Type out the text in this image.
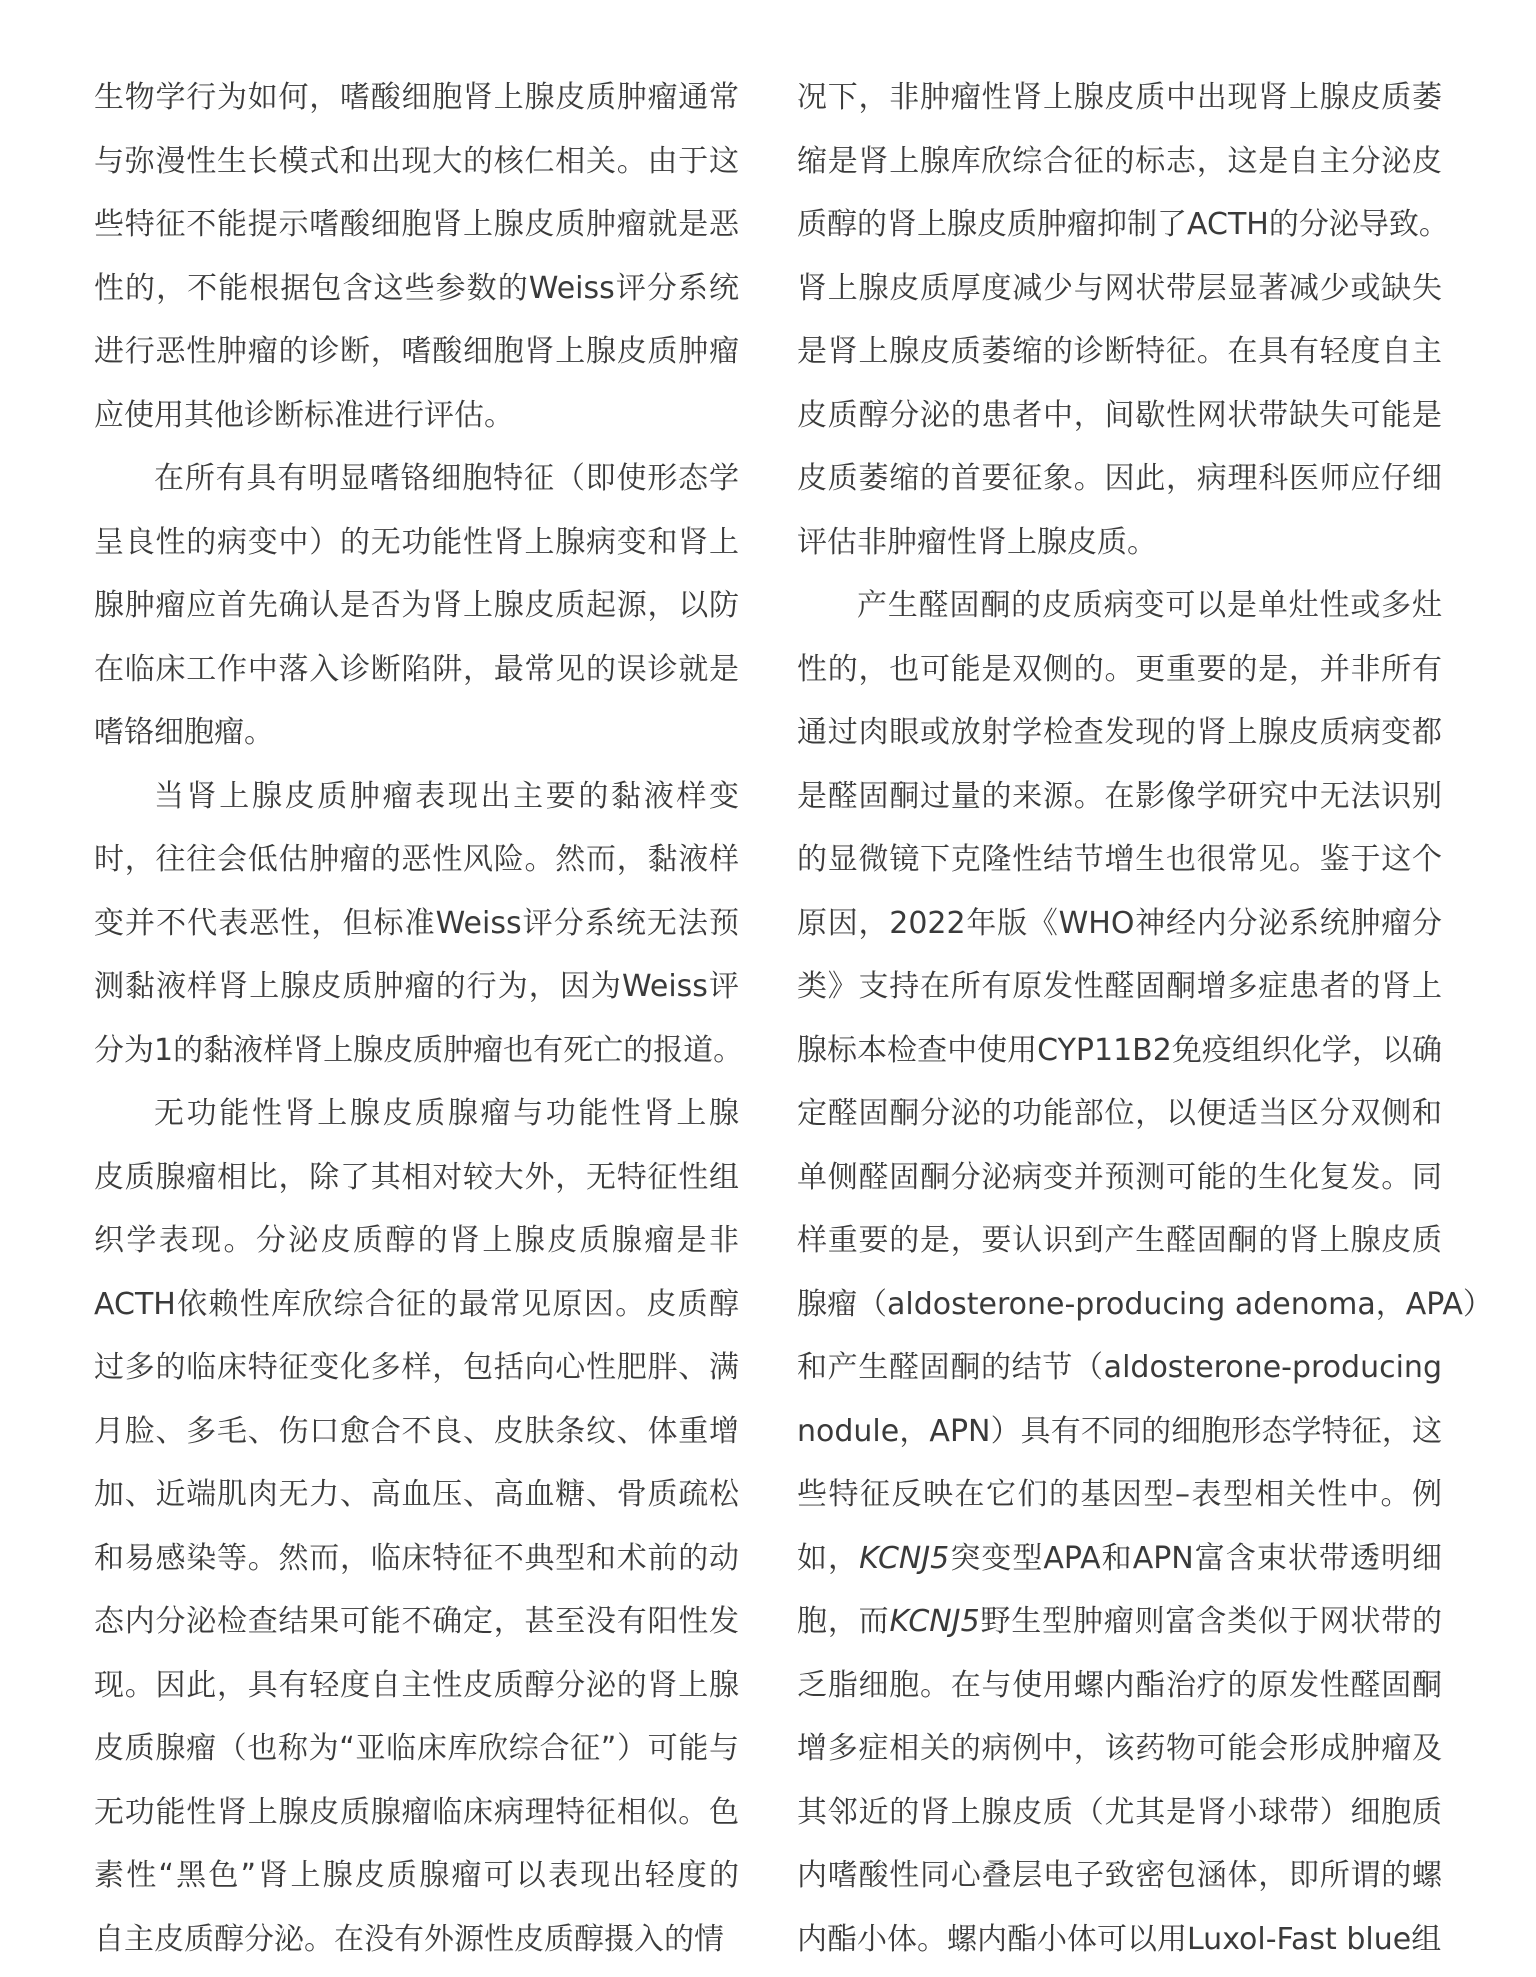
生物学行为如何，嗜酸细胞肾上腺皮质肿瘤通常
与弥漫性生长模式和出现大的核仁相关。由于这
些特征不能提示嗜酸细胞肾上腺皮质肿瘤就是恶
性的，不能根据包含这些参数的Weiss评分系统
进行恶性肿瘤的诊断，嗜酸细胞肾上腺皮质肿瘤
应使用其他诊断标准进行评估。
在所有具有明显嗜铬细胞特征（即使形态学
呈良性的病变中）的无功能性肾上腺病变和肾上
腺肿瘤应首先确认是否为肾上腺皮质起源，以防
在临床工作中落入诊断陷阱，最常见的误诊就是
嗜铬细胞瘤。
当肾上腺皮质肿瘤表现出主要的黏液样变
时，往往会低估肿瘤的恶性风险。然而，黏液样
变并不代表恶性，但标准Weiss评分系统无法预
测黏液样肾上腺皮质肿瘤的行为，因为Weiss评
分为1的黏液样肾上腺皮质肿瘤也有死亡的报道。
无功能性肾上腺皮质腺瘤与功能性肾上腺
皮质腺瘤相比，除了其相对较大外，无特征性组
织学表现。分泌皮质醇的肾上腺皮质腺瘤是非
ACTH依赖性库欣综合征的最常见原因。皮质醇
过多的临床特征变化多样，包括向心性肥胖、满
月脸、多毛、伤口愈合不良、皮肤条纹、体重增
加、近端肌肉无力、高血压、高血糖、骨质疏松
和易感染等。然而，临床特征不典型和术前的动
态内分泌检查结果可能不确定，甚至没有阳性发
现。因此，具有轻度自主性皮质醇分泌的肾上腺
皮质腺瘤（也称为“亚临床库欣综合征”）可能与
无功能性肾上腺皮质腺瘤临床病理特征相似。色
素性“黑色”肾上腺皮质腺瘤可以表现出轻度的
自主皮质醇分泌。在没有外源性皮质醇摄入的情
况下，非肿瘤性肾上腺皮质中出现肾上腺皮质萎
缩是肾上腺库欣综合征的标志，这是自主分泌皮
质醇的肾上腺皮质肿瘤抑制了ACTH的分泌导致。
肾上腺皮质厚度减少与网状带层显著减少或缺失
是肾上腺皮质萎缩的诊断特征。在具有轻度自主
皮质醇分泌的患者中，间歇性网状带缺失可能是
皮质萎缩的首要征象。因此，病理科医师应仔细
评估非肿瘤性肾上腺皮质。
产生醛固酮的皮质病变可以是单灶性或多灶
性的，也可能是双侧的。更重要的是，并非所有
通过肉眼或放射学检查发现的肾上腺皮质病变都
是醛固酮过量的来源。在影像学研究中无法识别
的显微镜下克隆性结节增生也很常见。鉴于这个
原因，2022年版《WHO神经内分泌系统肿瘤分
类》支持在所有原发性醛固酮增多症患者的肾上
腺标本检查中使用CYP11B2免疫组织化学，以确
定醛固酮分泌的功能部位，以便适当区分双侧和
单侧醛固酮分泌病变并预测可能的生化复发。同
样重要的是，要认识到产生醛固酮的肾上腺皮质
腺瘤（aldosterone-producing adenoma，APA）
和产生醛固酮的结节（aldosterone-producing
nodule，APN）具有不同的细胞形态学特征，这
些特征反映在它们的基因型–表型相关性中。例
如，KCNJ5突变型APA和APN富含束状带透明细
胞，而KCNJ5野生型肿瘤则富含类似于网状带的
乏脂细胞。在与使用螺内酯治疗的原发性醛固酮
增多症相关的病例中，该药物可能会形成肿瘤及
其邻近的肾上腺皮质（尤其是肾小球带）细胞质
内嗜酸性同心叠层电子致密包涵体，即所谓的螺
内酯小体。螺内酯小体可以用Luxol-Fast blue组
